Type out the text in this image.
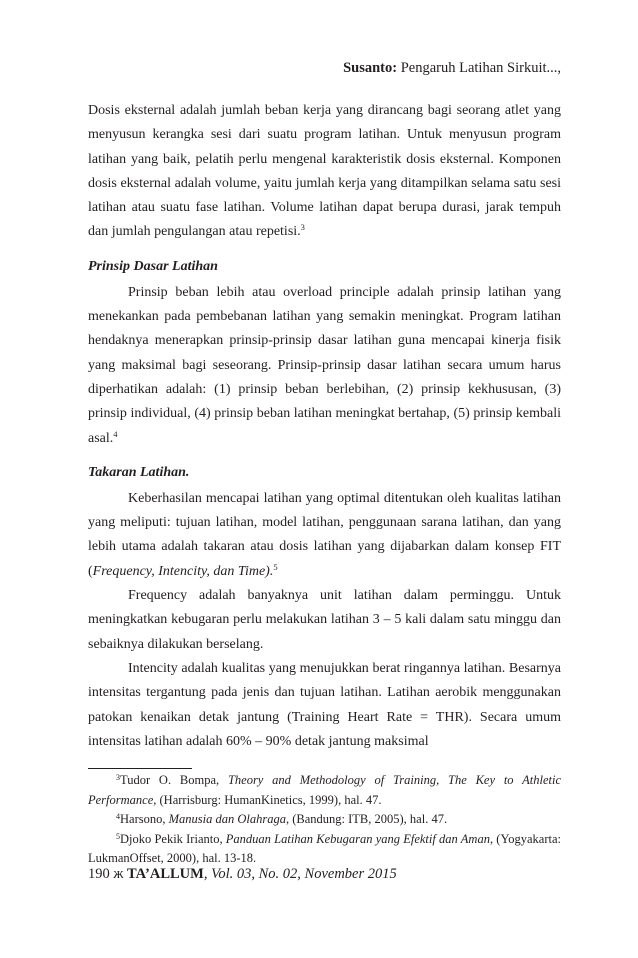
Susanto: Pengaruh Latihan Sirkuit...,

Dosis eksternal adalah jumlah beban kerja yang dirancang bagi seorang atlet yang menyusun kerangka sesi dari suatu program latihan. Untuk menyusun program latihan yang baik, pelatih perlu mengenal karakteristik dosis eksternal. Komponen dosis eksternal adalah volume, yaitu jumlah kerja yang ditampilkan selama satu sesi latihan atau suatu fase latihan. Volume latihan dapat berupa durasi, jarak tempuh dan jumlah pengulangan atau repetisi.$^3$

Prinsip Dasar Latihan

Prinsip beban lebih atau overload principle adalah prinsip latihan yang menekankan pada pembebanan latihan yang semakin meningkat. Program latihan hendaknya menerapkan prinsip-prinsip dasar latihan guna mencapai kinerja fisik yang maksimal bagi seseorang. Prinsip-prinsip dasar latihan secara umum harus diperhatikan adalah: (1) prinsip beban berlebihan, (2) prinsip kekhususan, (3) prinsip individual, (4) prinsip beban latihan meningkat bertahap, (5) prinsip kembali asal.$^4$

Takaran Latihan.

Keberhasilan mencapai latihan yang optimal ditentukan oleh kualitas latihan yang meliputi: tujuan latihan, model latihan, penggunaan sarana latihan, dan yang lebih utama adalah takaran atau dosis latihan yang dijabarkan dalam konsep FIT (Frequency, Intencity, dan Time).$^5$

Frequency adalah banyaknya unit latihan dalam perminggu. Untuk meningkatkan kebugaran perlu melakukan latihan 3 – 5 kali dalam satu minggu dan sebaiknya dilakukan berselang.

Intencity adalah kualitas yang menujukkan berat ringannya latihan. Besarnya intensitas tergantung pada jenis dan tujuan latihan. Latihan aerobik menggunakan patokan kenaikan detak jantung (Training Heart Rate = THR). Secara umum intensitas latihan adalah 60% – 90% detak jantung maksimal

$^3$Tudor O. Bompa, Theory and Methodology of Training, The Key to Athletic Performance, (Harrisburg: HumanKinetics, 1999), hal. 47.

$^4$Harsono, Manusia dan Olahraga, (Bandung: ITB, 2005), hal. 47.

$^5$Djoko Pekik Irianto, Panduan Latihan Kebugaran yang Efektif dan Aman, (Yogyakarta: LukmanOffset, 2000), hal. 13-18.

190 ж TA’ALLUM, Vol. 03, No. 02, November 2015
